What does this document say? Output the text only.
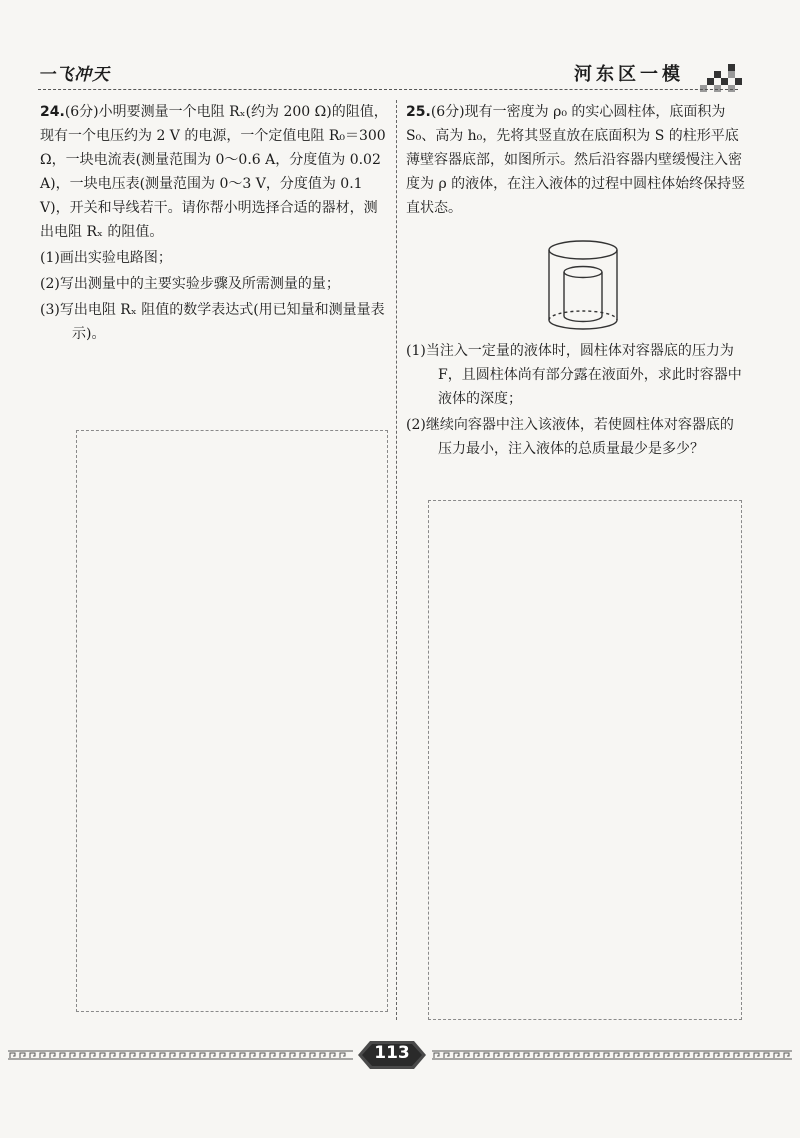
一飞冲天	河东区一模

24.(6分)小明要测量一个电阻 Rₓ(约为 200 Ω)的阻值，现有一个电压约为 2 V 的电源，一个定值电阻 R₀＝300 Ω，一块电流表(测量范围为 0～0.6 A，分度值为 0.02 A)，一块电压表(测量范围为 0～3 V，分度值为 0.1 V)，开关和导线若干。请你帮小明选择合适的器材，测出电阻 Rₓ 的阻值。

(1)画出实验电路图；

(2)写出测量中的主要实验步骤及所需测量的量；

(3)写出电阻 Rₓ 阻值的数学表达式(用已知量和测量量表示)。

25.(6分)现有一密度为 ρ₀ 的实心圆柱体，底面积为 S₀、高为 h₀，先将其竖直放在底面积为 S 的柱形平底薄壁容器底部，如图所示。然后沿容器内壁缓慢注入密度为 ρ 的液体，在注入液体的过程中圆柱体始终保持竖直状态。

(1)当注入一定量的液体时，圆柱体对容器底的压力为 F，且圆柱体尚有部分露在液面外，求此时容器中液体的深度；

(2)继续向容器中注入该液体，若使圆柱体对容器底的压力最小，注入液体的总质量最少是多少？

113
